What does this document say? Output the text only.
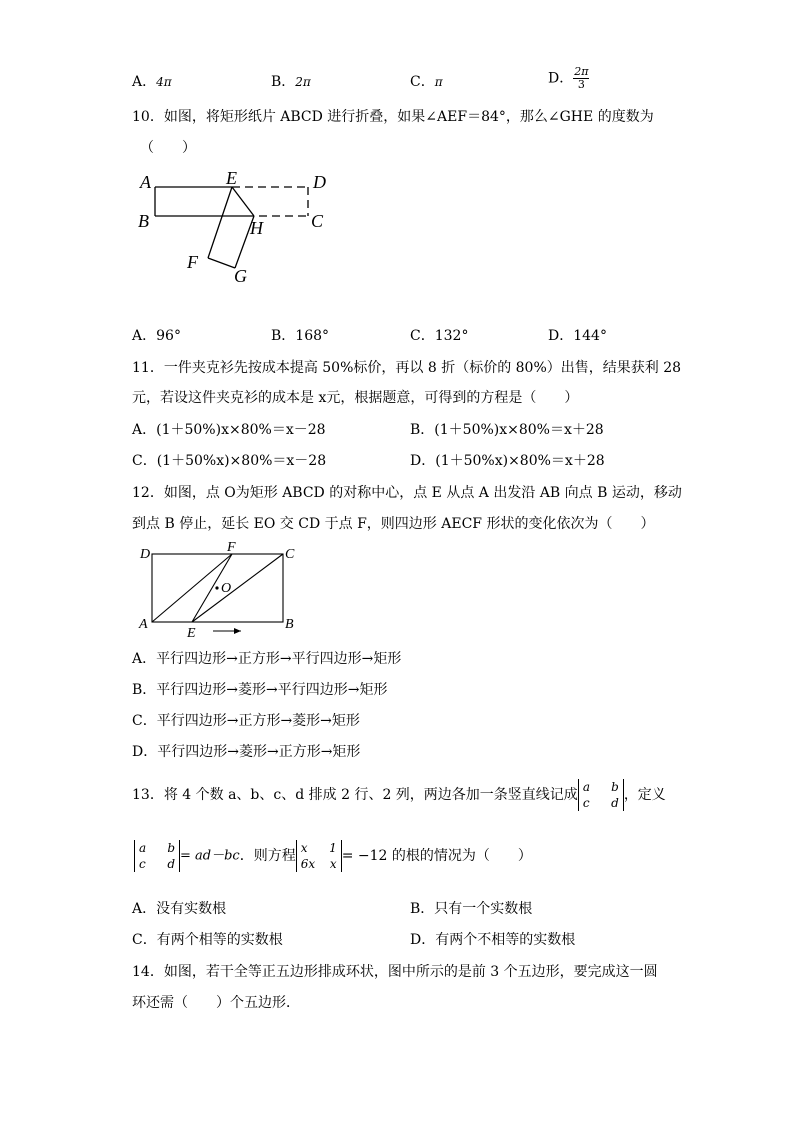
A．4π	B．2π	C．π	D． $\frac{2\pi}{3}$
10．如图，将矩形纸片 ABCD 进行折叠，如果∠AEF＝84°，那么∠GHE 的度数为
（　　）
A
B
E	D
C
H
F
G
A．96°	B．168°	C．132°	D．144°
11．一件夹克衫先按成本提高 50%标价，再以 8 折（标价的 80%）出售，结果获利 28
元，若设这件夹克衫的成本是 x元，根据题意，可得到的方程是（　　）
A．(1＋50%)x×80%＝x－28	B．(1＋50%)x×80%＝x＋28
C．(1＋50%x)×80%＝x－28	D．(1＋50%x)×80%＝x＋28
12．如图，点 O为矩形 ABCD 的对称中心，点 E 从点 A 出发沿 AB 向点 B 运动，移动
到点 B 停止，延长 EO 交 CD 于点 F，则四边形 AECF 形状的变化依次为（　　）
D	F	C
O
A
E
B
A．平行四边形→正方形→平行四边形→矩形
B．平行四边形→菱形→平行四边形→矩形
C．平行四边形→正方形→菱形→矩形
D．平行四边形→菱形→正方形→矩形
13．将 4 个数 a、b、c、d 排成 2 行、2 列，两边各加一条竖直线记成a b
c d ，定义
a b
c d= ad－bc．则方程x 1
6x x = −12 的根的情况为（　　）
A．没有实数根	B．只有一个实数根
C．有两个相等的实数根	D．有两个不相等的实数根
14．如图，若干全等正五边形排成环状，图中所示的是前 3 个五边形，要完成这一圆
环还需（　　）个五边形．
